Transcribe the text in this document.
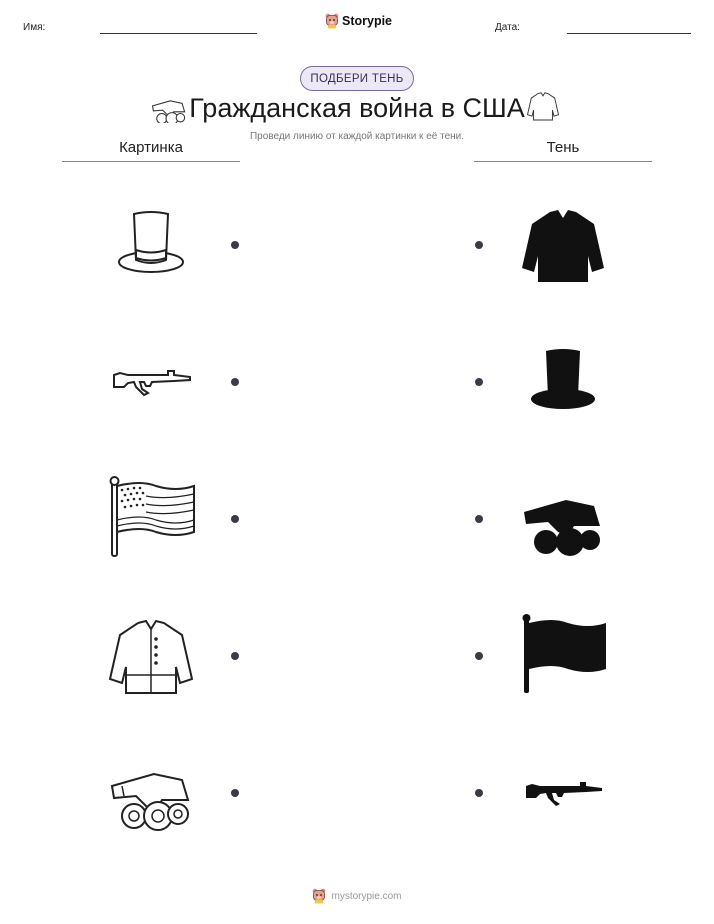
Имя:	Storypie	Дата:
ПОДБЕРИ ТЕНЬ
Гражданская война в США
Проведи линию от каждой картинки к её тени.
Картинка	Тень
mystorypie.com
